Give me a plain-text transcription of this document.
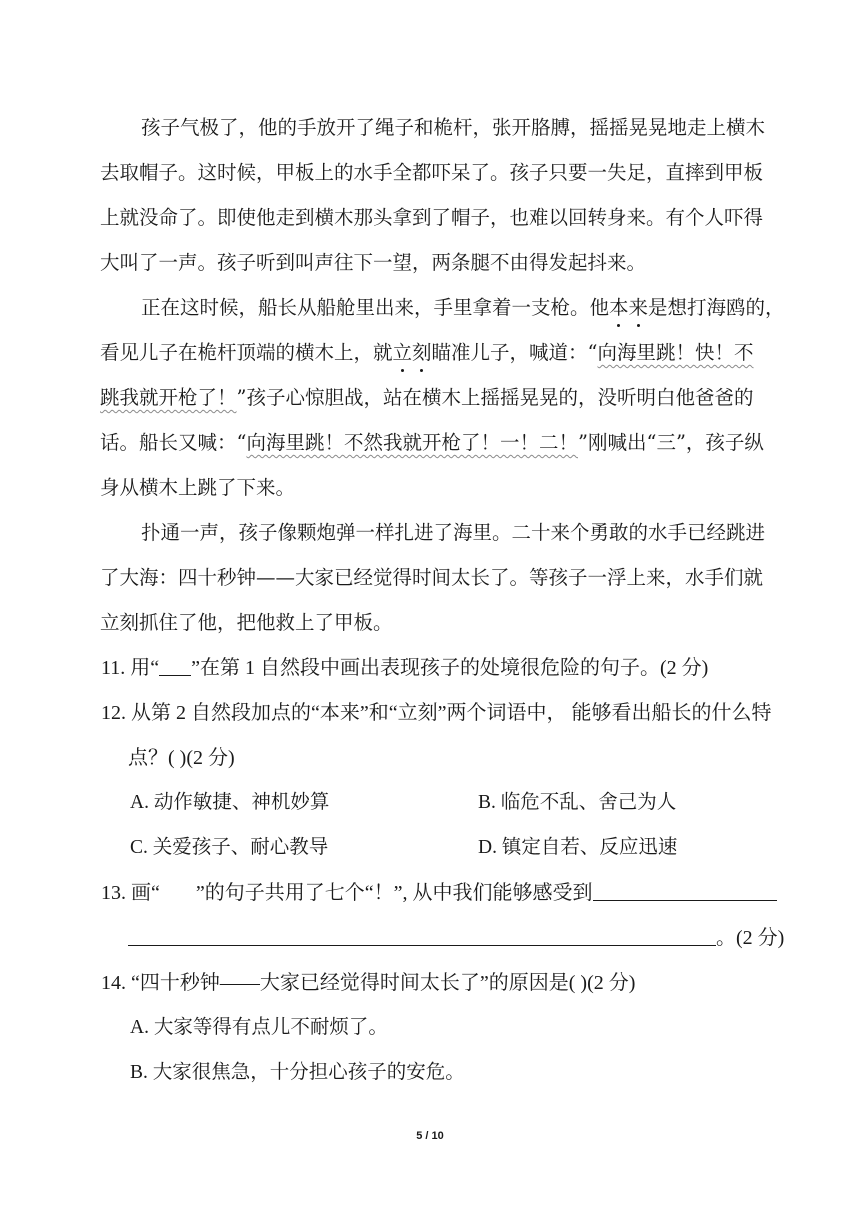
孩子气极了，他的手放开了绳子和桅杆，张开胳膊，摇摇晃晃地走上横木
去取帽子。这时候，甲板上的水手全都吓呆了。孩子只要一失足，直摔到甲板
上就没命了。即使他走到横木那头拿到了帽子，也难以回转身来。有个人吓得
大叫了一声。孩子听到叫声往下一望，两条腿不由得发起抖来。
正在这时候，船长从船舱里出来，手里拿着一支枪。他本来是想打海鸥的，
看见儿子在桅杆顶端的横木上，就立刻瞄准儿子，喊道：“向海里跳！快！不
跳我就开枪了！”孩子心惊胆战，站在横木上摇摇晃晃的，没听明白他爸爸的
话。船长又喊：“向海里跳！不然我就开枪了！一！二！”刚喊出“三”，孩子纵
身从横木上跳了下来。
扑通一声，孩子像颗炮弹一样扎进了海里。二十来个勇敢的水手已经跳进
了大海：四十秒钟——大家已经觉得时间太长了。等孩子一浮上来，水手们就
立刻抓住了他，把他救上了甲板。
11. 用“ ”在第 1 自然段中画出表现孩子的处境很危险的句子。(2 分)
12. 从第 2 自然段加点的“本来”和“立刻”两个词语中， 能够看出船长的什么特
点？( )(2 分)
A. 动作敏捷、神机妙算	B. 临危不乱、舍己为人
C. 关爱孩子、耐心教导	D. 镇定自若、反应迅速
13. 画“ ”的句子共用了七个“！”, 从中我们能够感受到
。(2 分)
14. “四十秒钟——大家已经觉得时间太长了”的原因是( )(2 分)
A. 大家等得有点儿不耐烦了。
B. 大家很焦急，十分担心孩子的安危。
5 / 10
